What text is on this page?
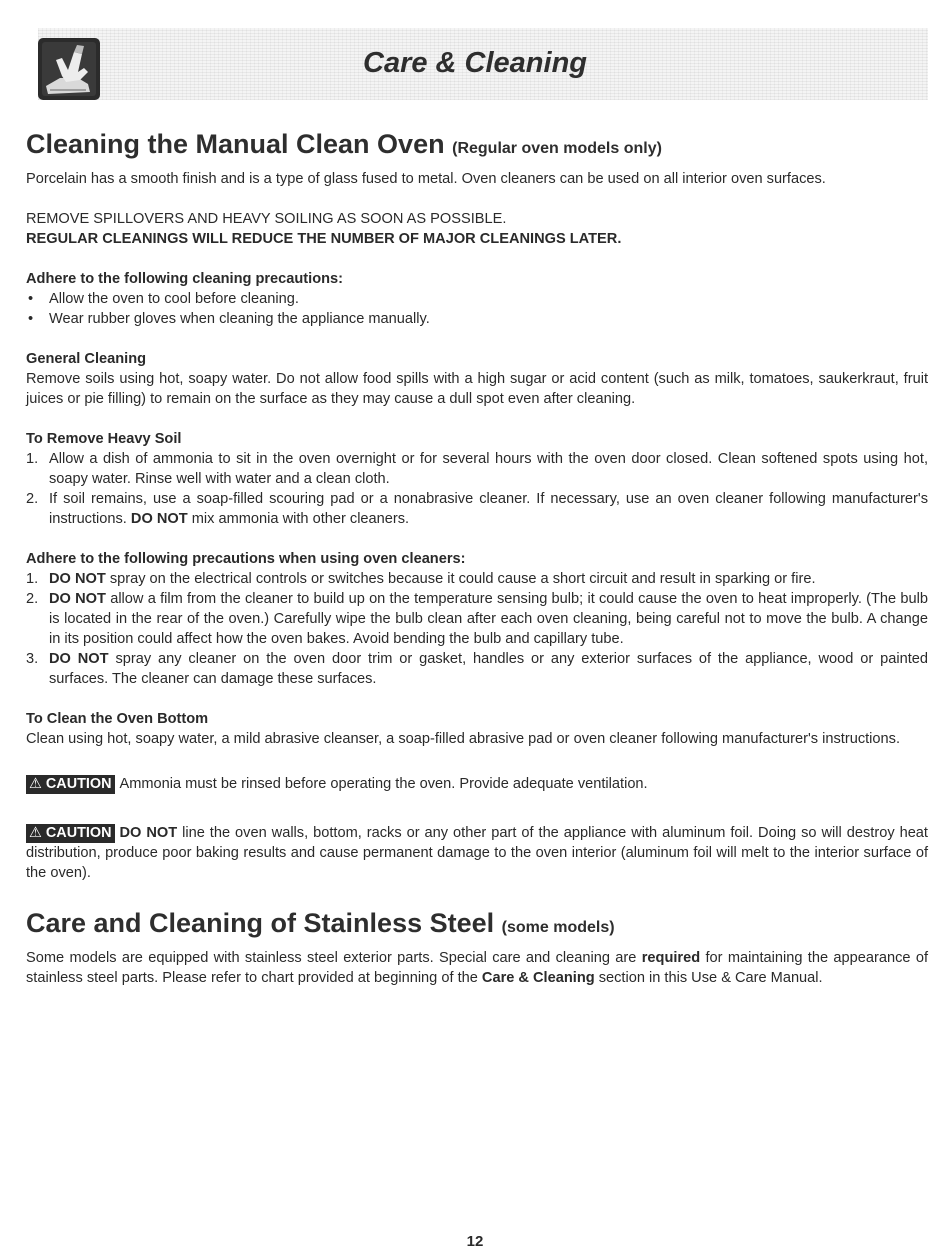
Care & Cleaning
Cleaning the Manual Clean Oven (Regular oven models only)

Porcelain has a smooth finish and is a type of glass fused to metal. Oven cleaners can be used on all interior oven surfaces.

REMOVE SPILLOVERS AND HEAVY SOILING AS SOON AS POSSIBLE.

REGULAR CLEANINGS WILL REDUCE THE NUMBER OF MAJOR CLEANINGS LATER.

Adhere to the following cleaning precautions:

• Allow the oven to cool before cleaning.
• Wear rubber gloves when cleaning the appliance manually.

General Cleaning

Remove soils using hot, soapy water. Do not allow food spills with a high sugar or acid content (such as milk, tomatoes, saukerkraut, fruit juices or pie filling) to remain on the surface as they may cause a dull spot even after cleaning.

To Remove Heavy Soil

1. Allow a dish of ammonia to sit in the oven overnight or for several hours with the oven door closed. Clean softened spots using hot, soapy water. Rinse well with water and a clean cloth.
2. If soil remains, use a soap-filled scouring pad or a nonabrasive cleaner. If necessary, use an oven cleaner following manufacturer's instructions. DO NOT mix ammonia with other cleaners.

Adhere to the following precautions when using oven cleaners:

1. DO NOT spray on the electrical controls or switches because it could cause a short circuit and result in sparking or fire.
2. DO NOT allow a film from the cleaner to build up on the temperature sensing bulb; it could cause the oven to heat improperly. (The bulb is located in the rear of the oven.) Carefully wipe the bulb clean after each oven cleaning, being careful not to move the bulb. A change in its position could affect how the oven bakes. Avoid bending the bulb and capillary tube.
3. DO NOT spray any cleaner on the oven door trim or gasket, handles or any exterior surfaces of the appliance, wood or painted surfaces. The cleaner can damage these surfaces.

To Clean the Oven Bottom

Clean using hot, soapy water, a mild abrasive cleanser, a soap-filled abrasive pad or oven cleaner following manufacturer's instructions.

⚠ CAUTION Ammonia must be rinsed before operating the oven. Provide adequate ventilation.

⚠ CAUTION DO NOT line the oven walls, bottom, racks or any other part of the appliance with aluminum foil. Doing so will destroy heat distribution, produce poor baking results and cause permanent damage to the oven interior (aluminum foil will melt to the interior surface of the oven).

Care and Cleaning of Stainless Steel (some models)

Some models are equipped with stainless steel exterior parts. Special care and cleaning are required for maintaining the appearance of stainless steel parts. Please refer to chart provided at beginning of the Care & Cleaning section in this Use & Care Manual.

12
